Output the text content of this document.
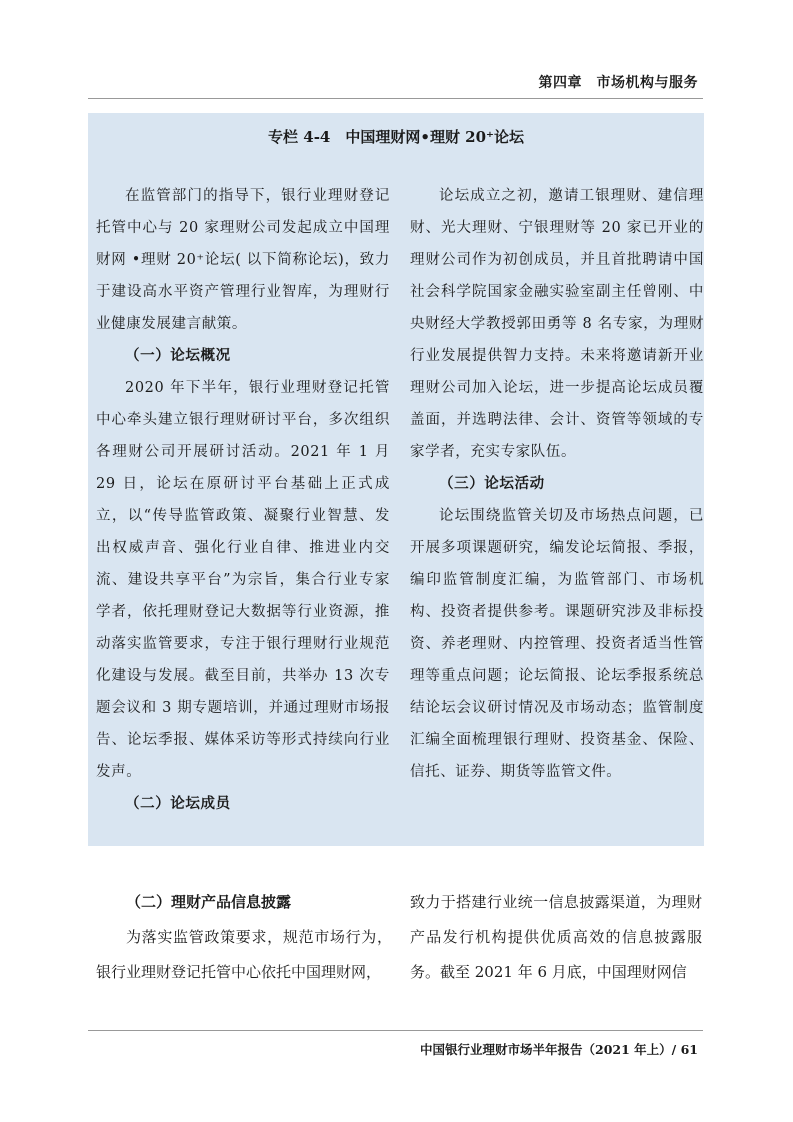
第四章　市场机构与服务
专栏 4-4　中国理财网•理财 20⁺论坛

在监管部门的指导下，银行业理财登记托管中心与 20 家理财公司发起成立中国理财网 •理财 20⁺论坛( 以下简称论坛)，致力于建设高水平资产管理行业智库，为理财行业健康发展建言献策。

（一）论坛概况

2020 年下半年，银行业理财登记托管中心牵头建立银行理财研讨平台，多次组织各理财公司开展研讨活动。2021 年 1 月 29 日，论坛在原研讨平台基础上正式成立，以“传导监管政策、凝聚行业智慧、发出权威声音、强化行业自律、推进业内交流、建设共享平台”为宗旨，集合行业专家学者，依托理财登记大数据等行业资源，推动落实监管要求，专注于银行理财行业规范化建设与发展。截至目前，共举办 13 次专题会议和 3 期专题培训，并通过理财市场报告、论坛季报、媒体采访等形式持续向行业发声。

（二）论坛成员

论坛成立之初，邀请工银理财、建信理财、光大理财、宁银理财等 20 家已开业的理财公司作为初创成员，并且首批聘请中国社会科学院国家金融实验室副主任曾刚、中央财经大学教授郭田勇等 8 名专家，为理财行业发展提供智力支持。未来将邀请新开业理财公司加入论坛，进一步提高论坛成员覆盖面，并选聘法律、会计、资管等领域的专家学者，充实专家队伍。

（三）论坛活动

论坛围绕监管关切及市场热点问题，已开展多项课题研究，编发论坛简报、季报，编印监管制度汇编，为监管部门、市场机构、投资者提供参考。课题研究涉及非标投资、养老理财、内控管理、投资者适当性管理等重点问题；论坛简报、论坛季报系统总结论坛会议研讨情况及市场动态；监管制度汇编全面梳理银行理财、投资基金、保险、信托、证券、期货等监管文件。

（二）理财产品信息披露

为落实监管政策要求，规范市场行为，银行业理财登记托管中心依托中国理财网，

致力于搭建行业统一信息披露渠道，为理财产品发行机构提供优质高效的信息披露服务。截至 2021 年 6 月底，中国理财网信

中国银行业理财市场半年报告（2021 年上）/ 61
